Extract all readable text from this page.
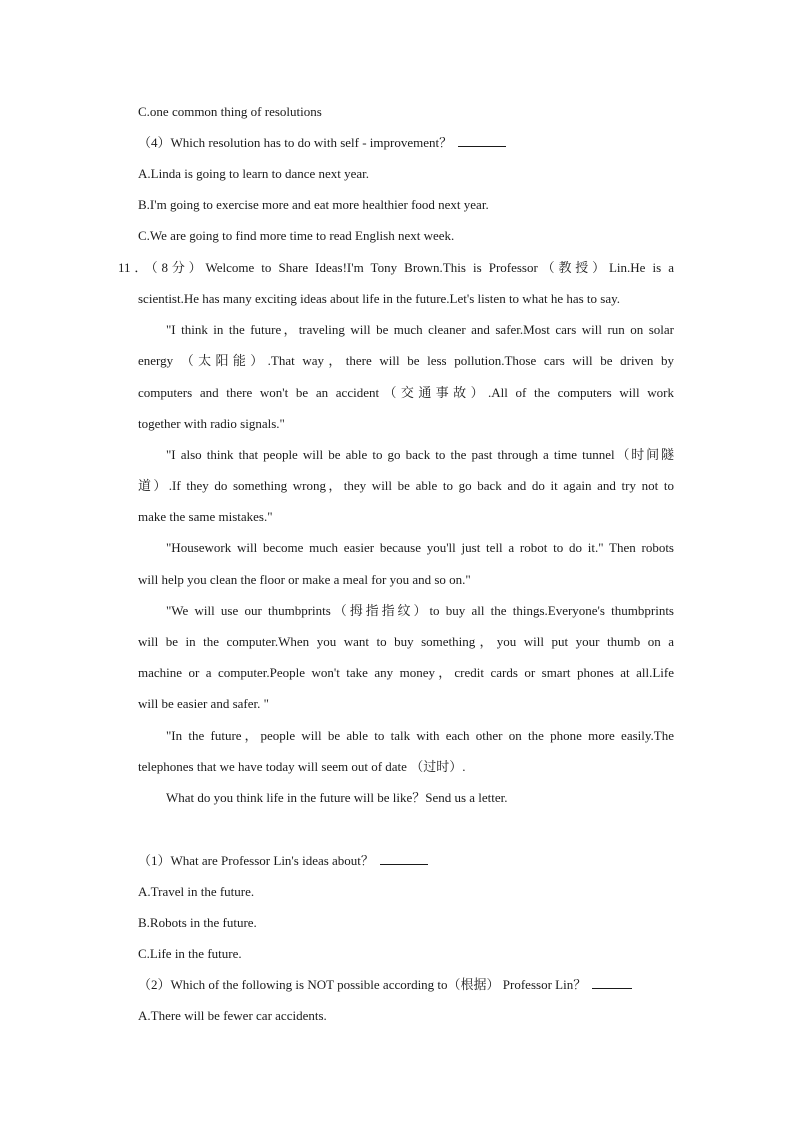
C.one common thing of resolutions
（4）Which resolution has to do with self - improvement？
A.Linda is going to learn to dance next year.
B.I'm going to exercise more and eat more healthier food next year.
C.We are going to find more time to read English next week.
11．（8分）Welcome to Share Ideas!I'm Tony Brown.This is Professor（教授）Lin.He is a
scientist.He has many exciting ideas about life in the future.Let's listen to what he has to say.
"I think in the future，traveling will be much cleaner and safer.Most cars will run on solar
energy （太阳能）.That way，there will be less pollution.Those cars will be driven by
computers and there won't be an accident（交通事故）.All of the computers will work
together with radio signals."
"I also think that people will be able to go back to the past through a time tunnel（时间隧
道）.If they do something wrong，they will be able to go back and do it again and try not to
make the same mistakes."
"Housework will become much easier because you'll just tell a robot to do it." Then robots
will help you clean the floor or make a meal for you and so on."
"We will use our thumbprints（拇指指纹）to buy all the things.Everyone's thumbprints
will be in the computer.When you want to buy something，you will put your thumb on a
machine or a computer.People won't take any money，credit cards or smart phones at all.Life
will be easier and safer. "
"In the future，people will be able to talk with each other on the phone more easily.The
telephones that we have today will seem out of date （过时）.
What do you think life in the future will be like？Send us a letter.
（1）What are Professor Lin's ideas about？
A.Travel in the future.
B.Robots in the future.
C.Life in the future.
（2）Which of the following is NOT possible according to（根据） Professor Lin？
A.There will be fewer car accidents.
